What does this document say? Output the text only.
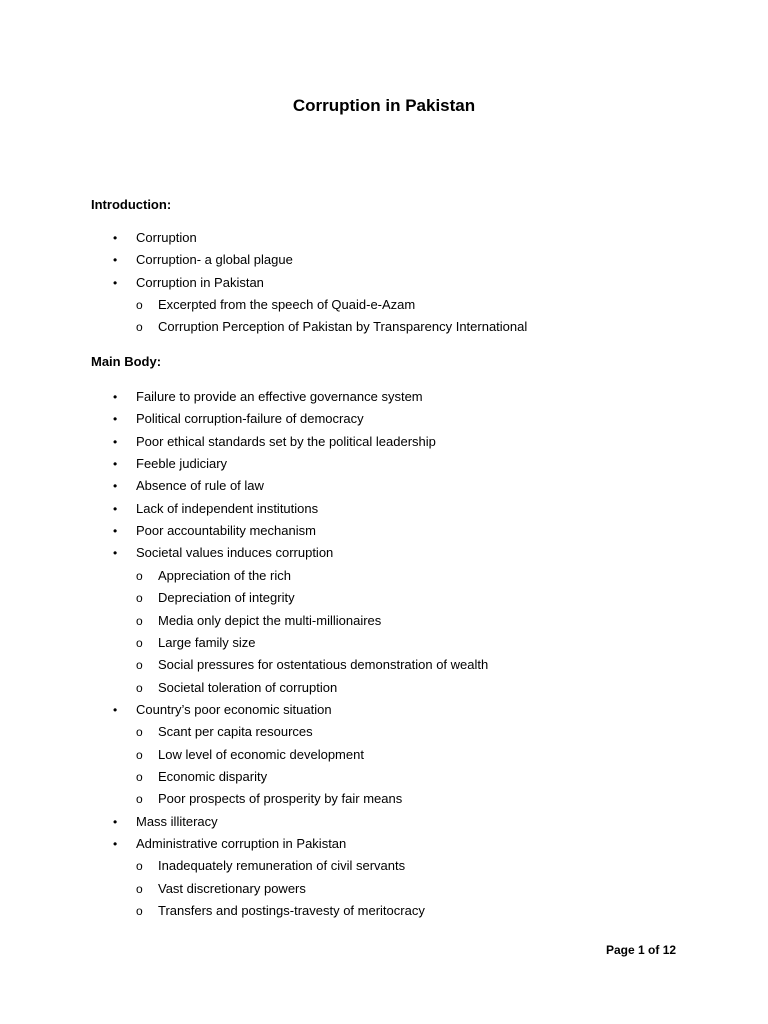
Corruption in Pakistan
Introduction:
•	Corruption
•	Corruption- a global plague
•	Corruption in Pakistan
o	Excerpted from the speech of Quaid-e-Azam
o	Corruption Perception of Pakistan by Transparency International
Main Body:
•	Failure to provide an effective governance system
•	Political corruption-failure of democracy
•	Poor ethical standards set by the political leadership
•	Feeble judiciary
•	Absence of rule of law
•	Lack of independent institutions
•	Poor accountability mechanism
•	Societal values induces corruption
o	Appreciation of the rich
o	Depreciation of integrity
o	Media only depict the multi-millionaires
o	Large family size
o	Social pressures for ostentatious demonstration of wealth
o	Societal toleration of corruption
•	Country’s poor economic situation
o	Scant per capita resources
o	Low level of economic development
o	Economic disparity
o	Poor prospects of prosperity by fair means
•	Mass illiteracy
•	Administrative corruption in Pakistan
o	Inadequately remuneration of civil servants
o	Vast discretionary powers
o	Transfers and postings-travesty of meritocracy
Page 1 of 12
